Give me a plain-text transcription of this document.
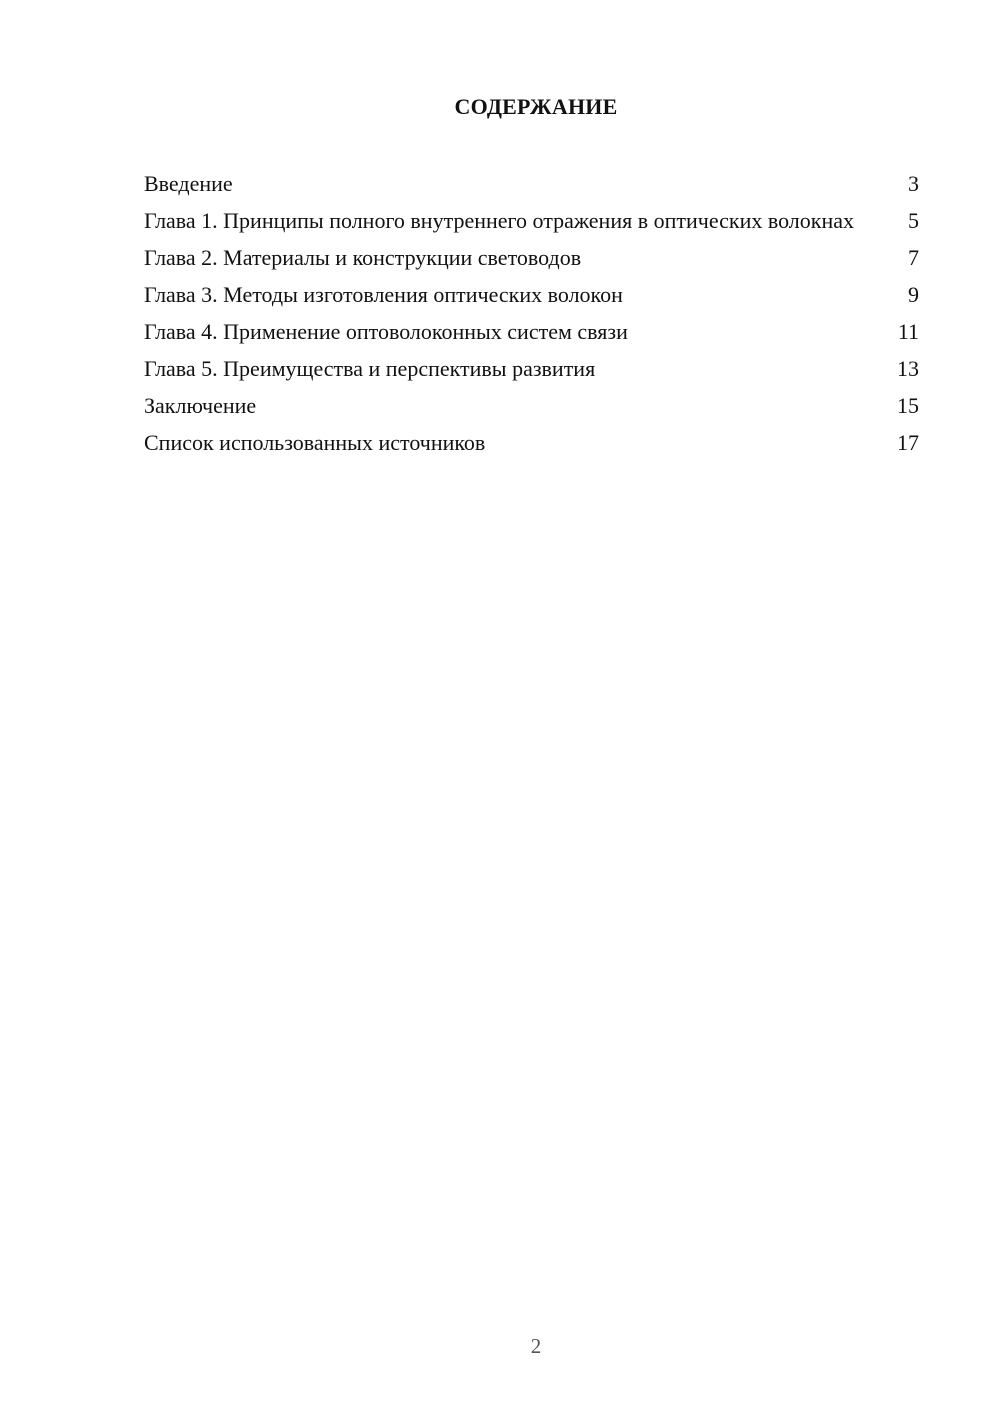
СОДЕРЖАНИЕ
Введение	3
Глава 1. Принципы полного внутреннего отражения в оптических волокнах	5
Глава 2. Материалы и конструкции световодов	7
Глава 3. Методы изготовления оптических волокон	9
Глава 4. Применение оптоволоконных систем связи	11
Глава 5. Преимущества и перспективы развития	13
Заключение	15
Список использованных источников	17
2
